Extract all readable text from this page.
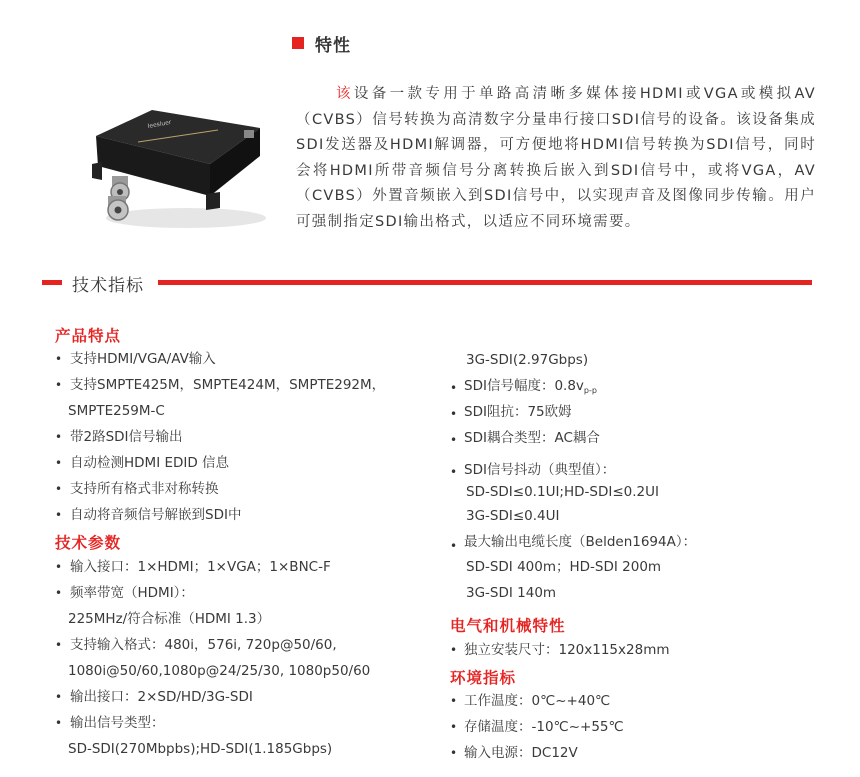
特性
Ieesluer
该设备一款专用于单路高清晰多媒体接HDMI或VGA或模拟AV（CVBS）信号转换为高清数字分量串行接口SDI信号的设备。该设备集成SDI发送器及HDMI解调器，可方便地将HDMI信号转换为SDI信号，同时会将HDMI所带音频信号分离转换后嵌入到SDI信号中，或将VGA，AV（CVBS）外置音频嵌入到SDI信号中，以实现声音及图像同步传输。用户可强制指定SDI输出格式，以适应不同环境需要。
技术指标
产品特点
• 支持HDMI/VGA/AV输入
• 支持SMPTE425M，SMPTE424M，SMPTE292M，
SMPTE259M-C
• 带2路SDI信号输出
• 自动检测HDMI EDID 信息
• 支持所有格式非对称转换
• 自动将音频信号解嵌到SDI中
技术参数
• 输入接口：1×HDMI；1×VGA；1×BNC-F
• 频率带宽（HDMI）：
225MHz/符合标准（HDMI 1.3）
• 支持输入格式：480i，576i, 720p@50/60,
1080i@50/60,1080p@24/25/30, 1080p50/60
• 输出接口：2×SD/HD/3G-SDI
• 输出信号类型：
SD-SDI(270Mbpbs);HD-SDI(1.185Gbps)
3G-SDI(2.97Gbps)
• SDI信号幅度：$0.8v_{p-p}$
• SDI阻抗：75欧姆
• SDI耦合类型：AC耦合
• SDI信号抖动（典型值）：
SD-SDI≤0.1UI;HD-SDI≤0.2UI
3G-SDI≤0.4UI
• 最大输出电缆长度（Belden1694A）：
SD-SDI 400m；HD-SDI 200m
3G-SDI 140m
电气和机械特性
• 独立安装尺寸：120x115x28mm
环境指标
• 工作温度：0℃~+40℃
• 存储温度：-10℃~+55℃
• 输入电源：DC12V
